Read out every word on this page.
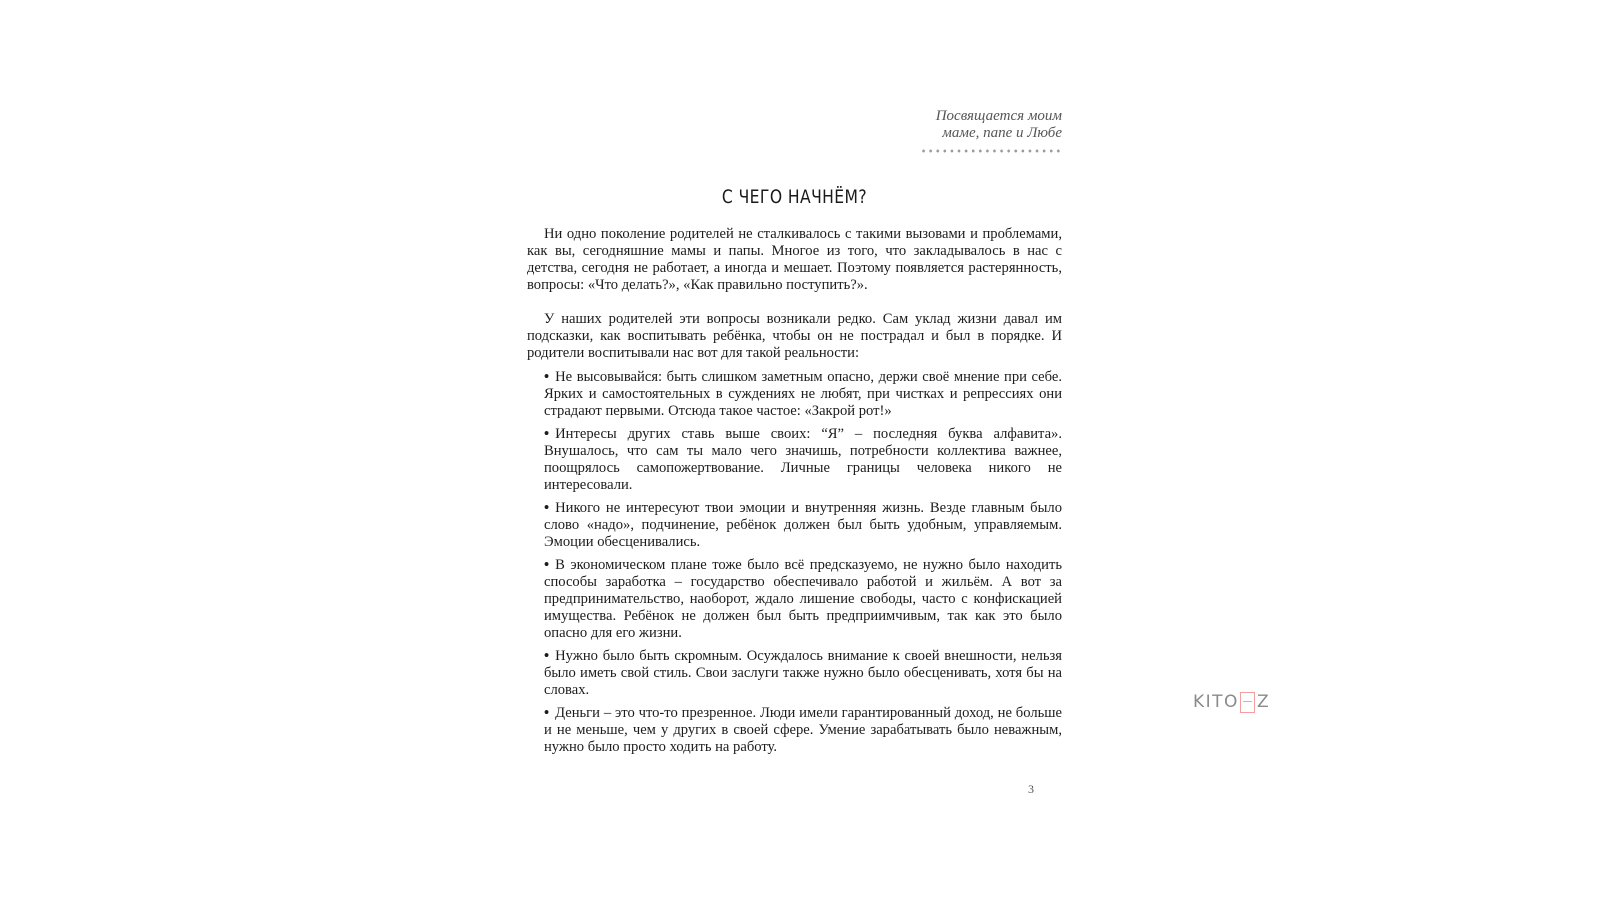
Посвящается моим
маме, папе и Любе
С ЧЕГО НАЧНЁМ?

Ни одно поколение родителей не сталкивалось с такими вызовами и проблемами, как вы, сегодняшние мамы и папы. Многое из того, что закладывалось в нас с детства, сегодня не работает, а иногда и мешает. Поэтому появляется растерянность, вопросы: «Что делать?», «Как правильно поступить?».

У наших родителей эти вопросы возникали редко. Сам уклад жизни давал им подсказки, как воспитывать ребёнка, чтобы он не пострадал и был в порядке. И родители воспитывали нас вот для такой реальности:

• Не высовывайся: быть слишком заметным опасно, держи своё мнение при себе. Ярких и самостоятельных в суждениях не любят, при чистках и репрессиях они страдают первыми. Отсюда такое частое: «Закрой рот!»
• Интересы других ставь выше своих: “Я” – последняя буква алфавита». Внушалось, что сам ты мало чего значишь, потребности коллектива важнее, поощрялось самопожертвование. Личные границы человека никого не интересовали.
• Никого не интересуют твои эмоции и внутренняя жизнь. Везде главным было слово «надо», подчинение, ребёнок должен был быть удобным, управляемым. Эмоции обесценивались.
• В экономическом плане тоже было всё предсказуемо, не нужно было находить способы заработка – государство обеспечивало работой и жильём. А вот за предпринимательство, наоборот, ждало лишение свободы, часто с конфискацией имущества. Ребёнок не должен был быть предприимчивым, так как это было опасно для его жизни.
• Нужно было быть скромным. Осуждалось внимание к своей внешности, нельзя было иметь свой стиль. Свои заслуги также нужно было обесценивать, хотя бы на словах.
• Деньги – это что-то презренное. Люди имели гарантированный доход, не больше и не меньше, чем у других в своей сфере. Умение зарабатывать было неважным, нужно было просто ходить на работу.
3
KITO Z
